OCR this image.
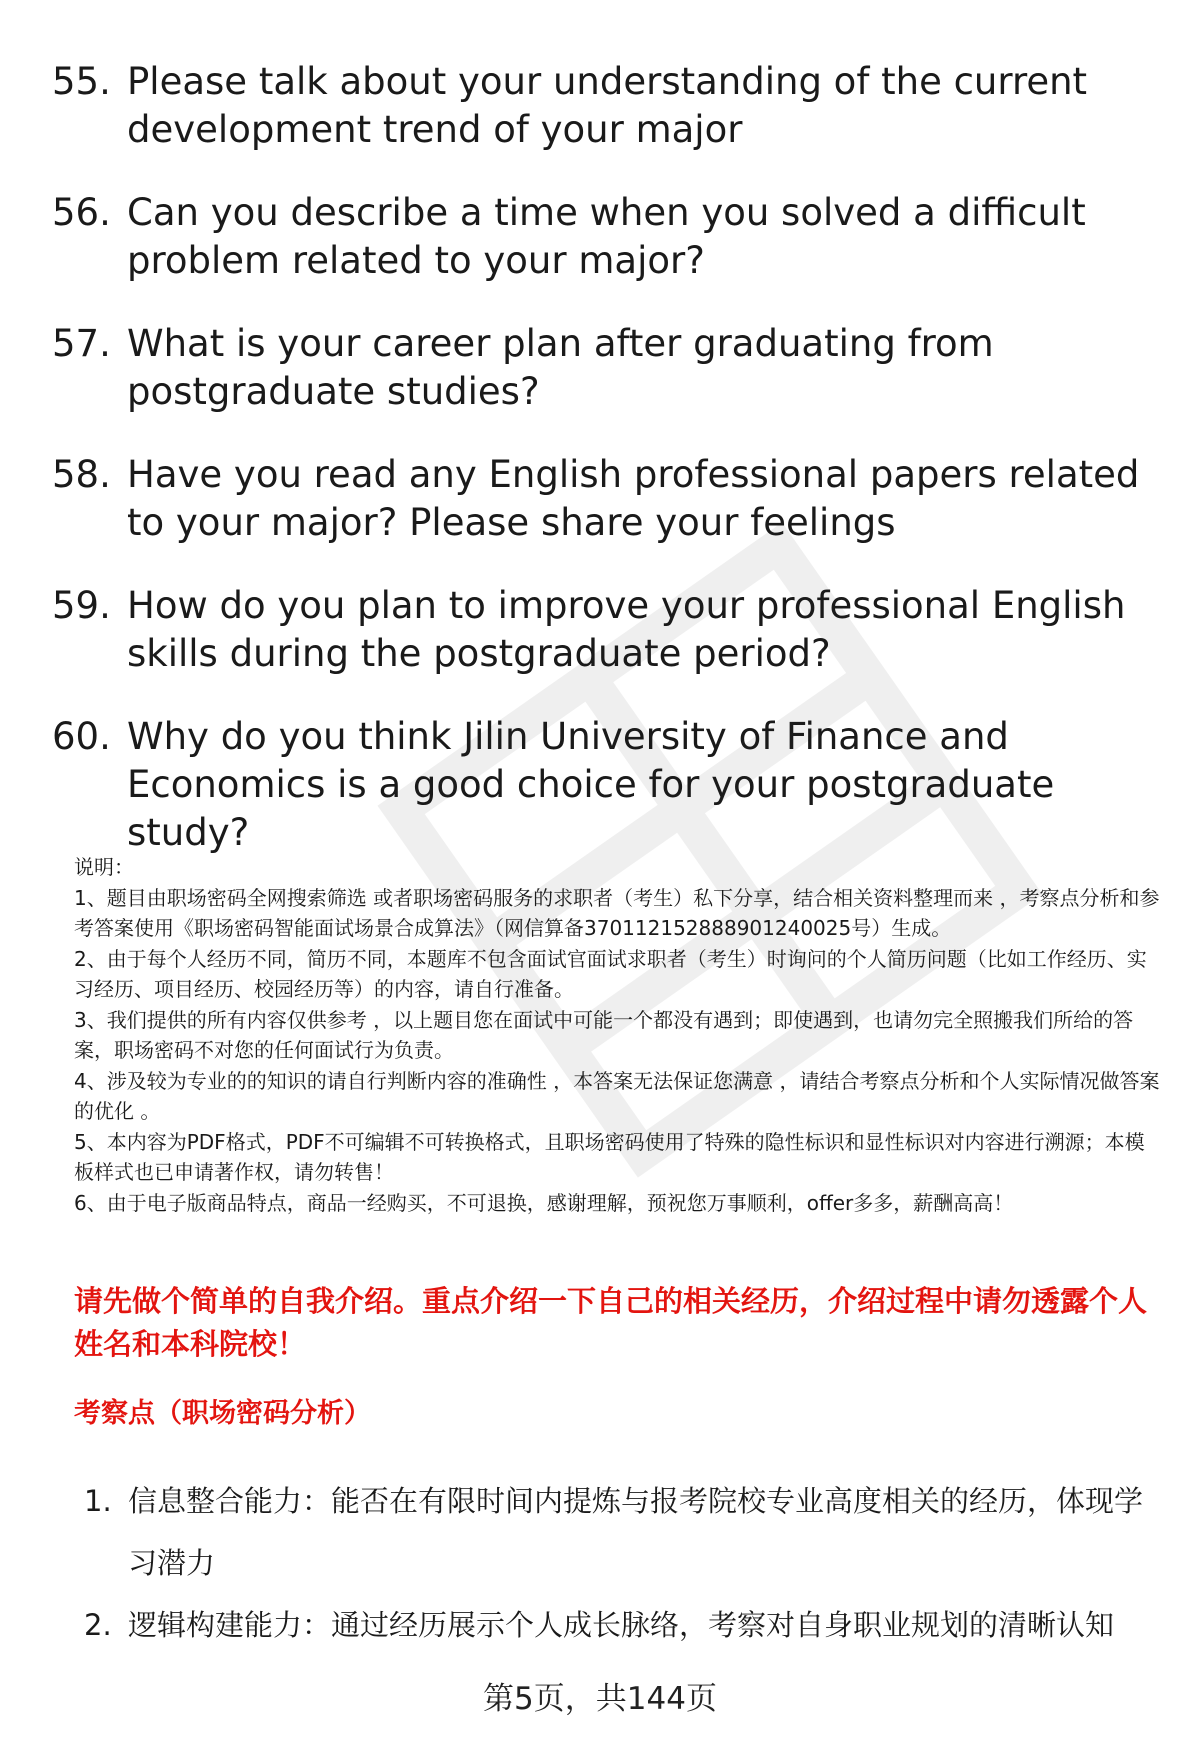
55. Please talk about your understanding of the current development trend of your major
56. Can you describe a time when you solved a difficult problem related to your major?
57. What is your career plan after graduating from postgraduate studies?
58. Have you read any English professional papers related to your major? Please share your feelings
59. How do you plan to improve your professional English skills during the postgraduate period?
60. Why do you think Jilin University of Finance and Economics is a good choice for your postgraduate study?

说明：

1、题目由职场密码全网搜索筛选 或者职场密码服务的求职者（考生）私下分享，结合相关资料整理而来 ，考察点分析和参考答案使用《职场密码智能面试场景合成算法》（网信算备370112152888901240025号）生成。

2、由于每个人经历不同，简历不同，本题库不包含面试官面试求职者（考生）时询问的个人简历问题（比如工作经历、实习经历、项目经历、校园经历等）的内容，请自行准备。

3、我们提供的所有内容仅供参考 ，以上题目您在面试中可能一个都没有遇到；即使遇到，也请勿完全照搬我们所给的答案，职场密码不对您的任何面试行为负责。

4、涉及较为专业的的知识的请自行判断内容的准确性 ，本答案无法保证您满意 ，请结合考察点分析和个人实际情况做答案的优化 。

5、本内容为PDF格式，PDF不可编辑不可转换格式，且职场密码使用了特殊的隐性标识和显性标识对内容进行溯源；本模板样式也已申请著作权，请勿转售！

6、由于电子版商品特点，商品一经购买，不可退换，感谢理解，预祝您万事顺利，offer多多，薪酬高高！

请先做个简单的自我介绍。重点介绍一下自己的相关经历，介绍过程中请勿透露个人姓名和本科院校！
考察点（职场密码分析）
1. 信息整合能力：能否在有限时间内提炼与报考院校专业高度相关的经历，体现学习潜力
2. 逻辑构建能力：通过经历展示个人成长脉络，考察对自身职业规划的清晰认知
第5页，共144页
